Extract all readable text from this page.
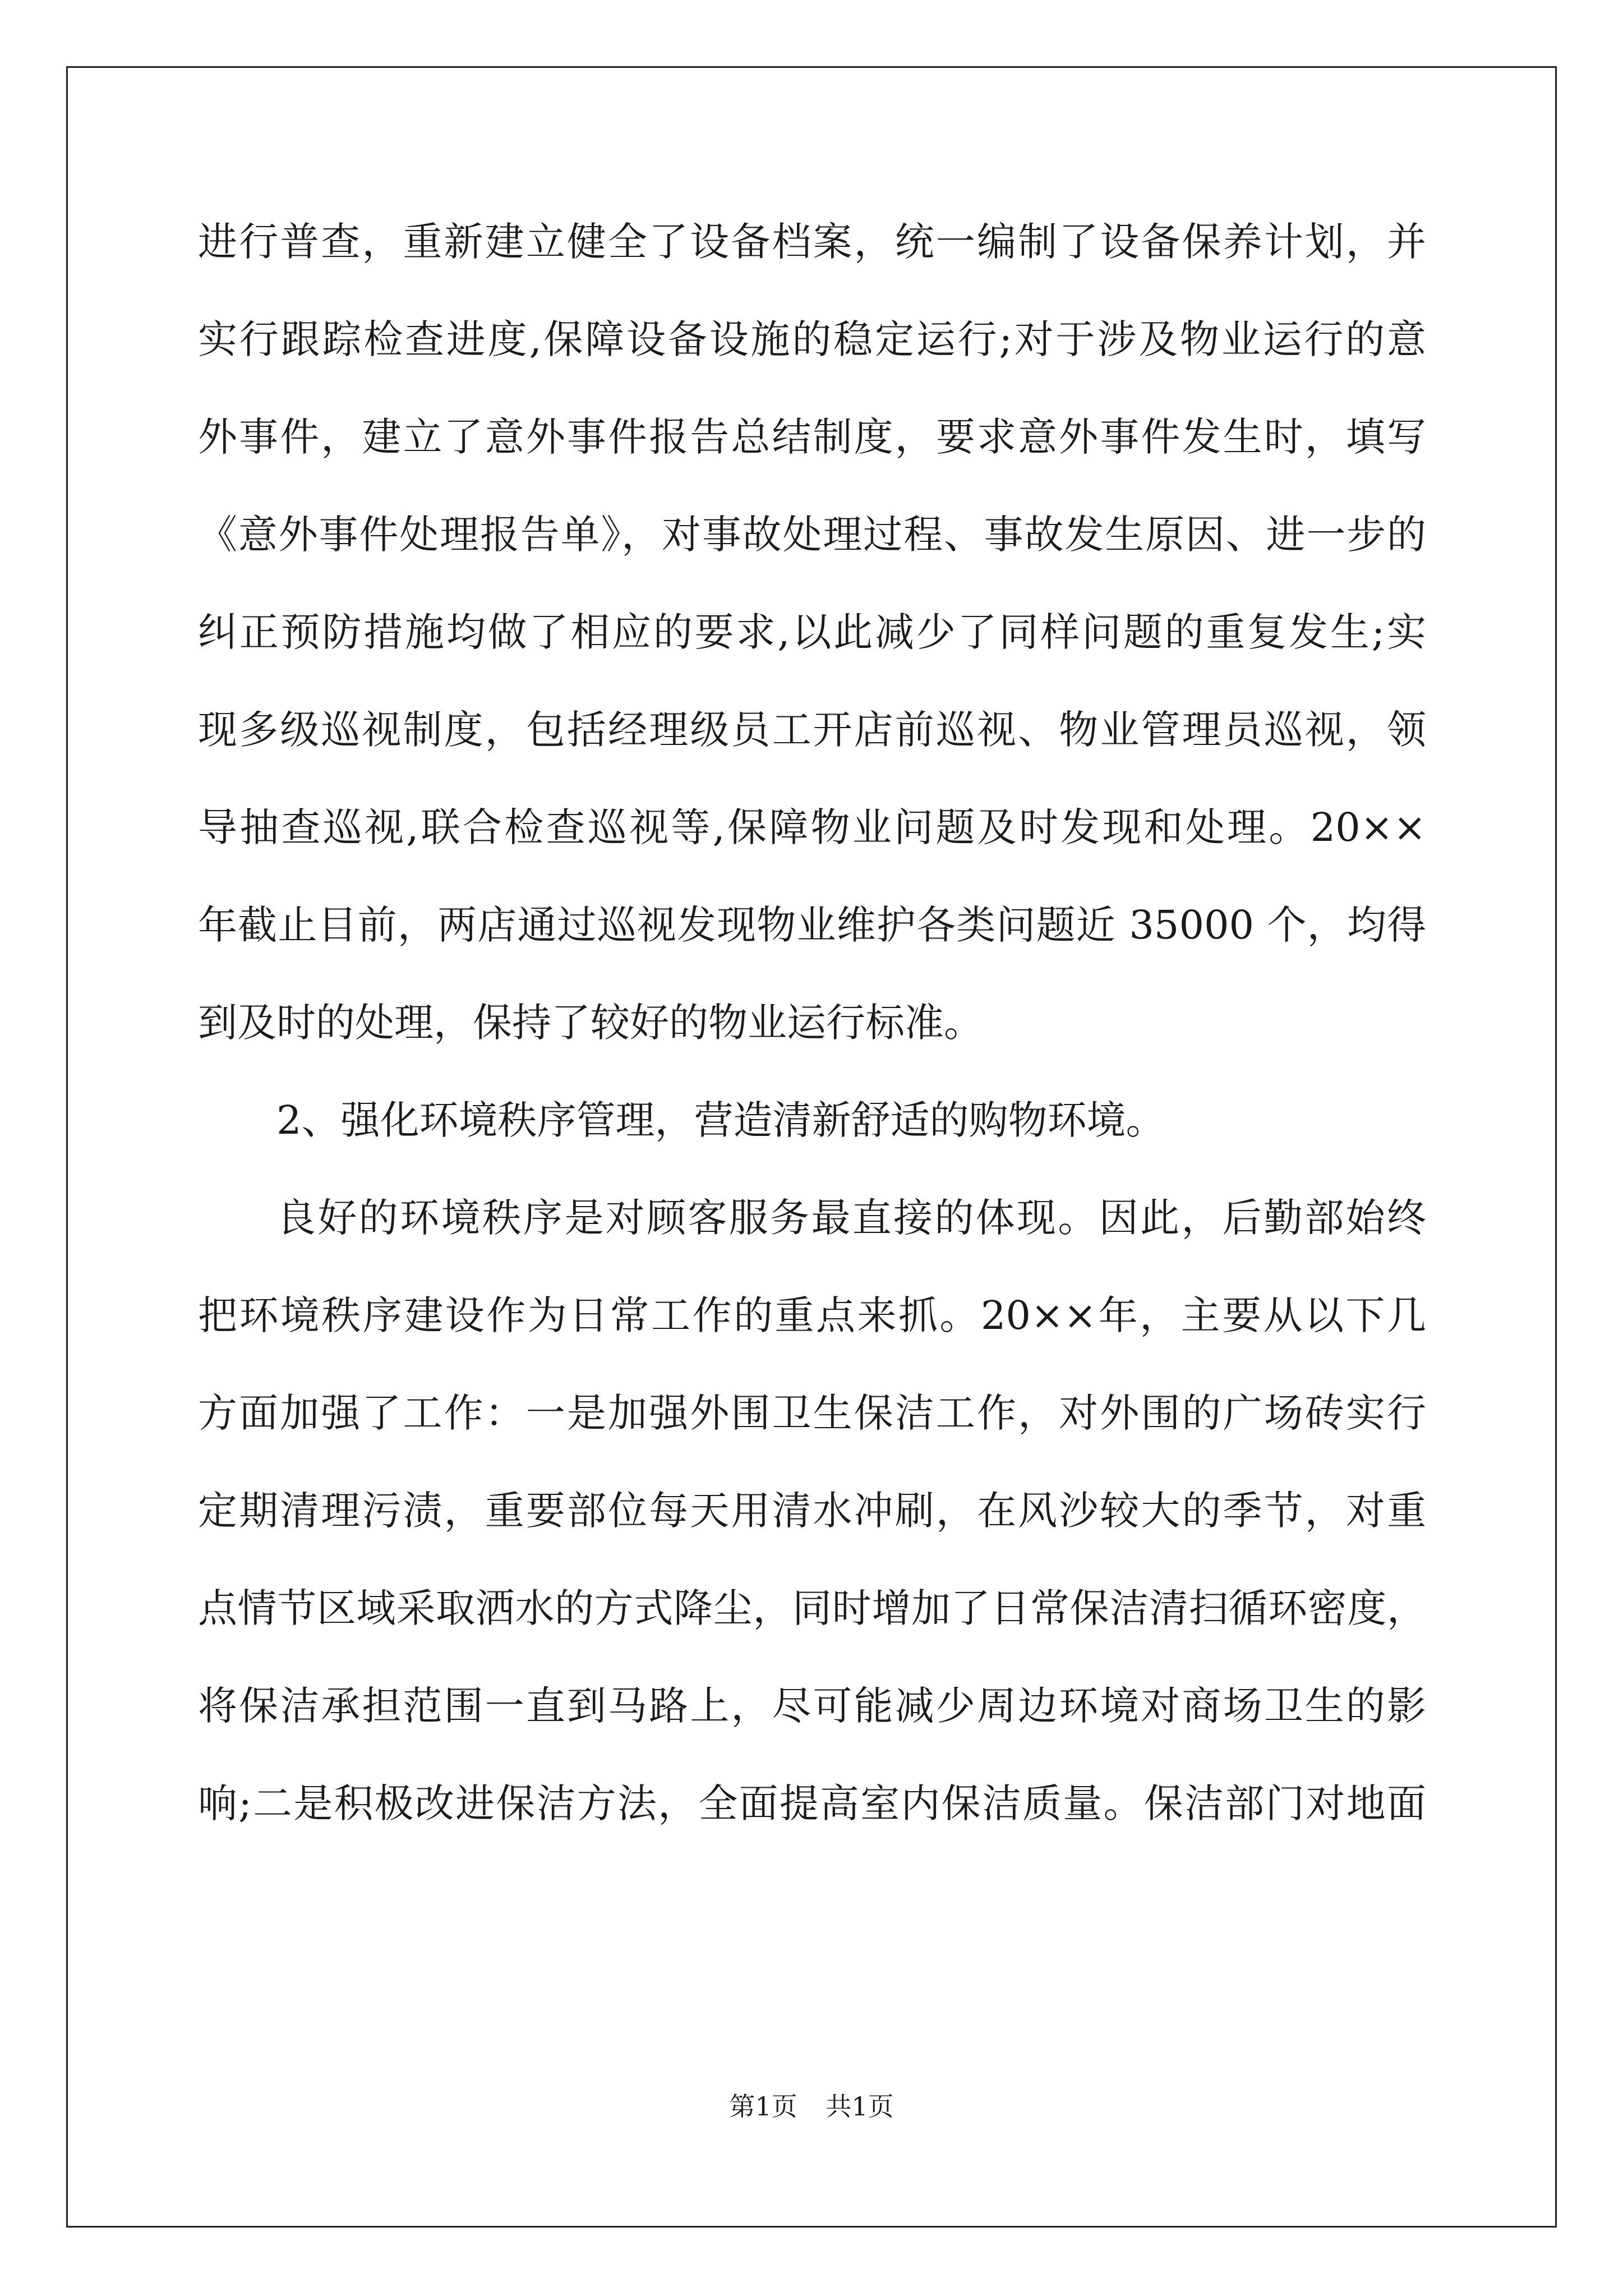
进行普查，重新建立健全了设备档案，统一编制了设备保养计划，并
实行跟踪检查进度,保障设备设施的稳定运行;对于涉及物业运行的意
外事件，建立了意外事件报告总结制度，要求意外事件发生时，填写
《意外事件处理报告单》，对事故处理过程、事故发生原因、进一步的
纠正预防措施均做了相应的要求,以此减少了同样问题的重复发生;实
现多级巡视制度，包括经理级员工开店前巡视、物业管理员巡视，领
导抽查巡视,联合检查巡视等,保障物业问题及时发现和处理。20××
年截止目前，两店通过巡视发现物业维护各类问题近 35000 个，均得
到及时的处理，保持了较好的物业运行标准。
2、强化环境秩序管理，营造清新舒适的购物环境。
良好的环境秩序是对顾客服务最直接的体现。因此，后勤部始终
把环境秩序建设作为日常工作的重点来抓。20××年，主要从以下几
方面加强了工作：一是加强外围卫生保洁工作，对外围的广场砖实行
定期清理污渍，重要部位每天用清水冲刷，在风沙较大的季节，对重
点情节区域采取洒水的方式降尘，同时增加了日常保洁清扫循环密度，
将保洁承担范围一直到马路上，尽可能减少周边环境对商场卫生的影
响;二是积极改进保洁方法，全面提高室内保洁质量。保洁部门对地面
第1页 共1页
